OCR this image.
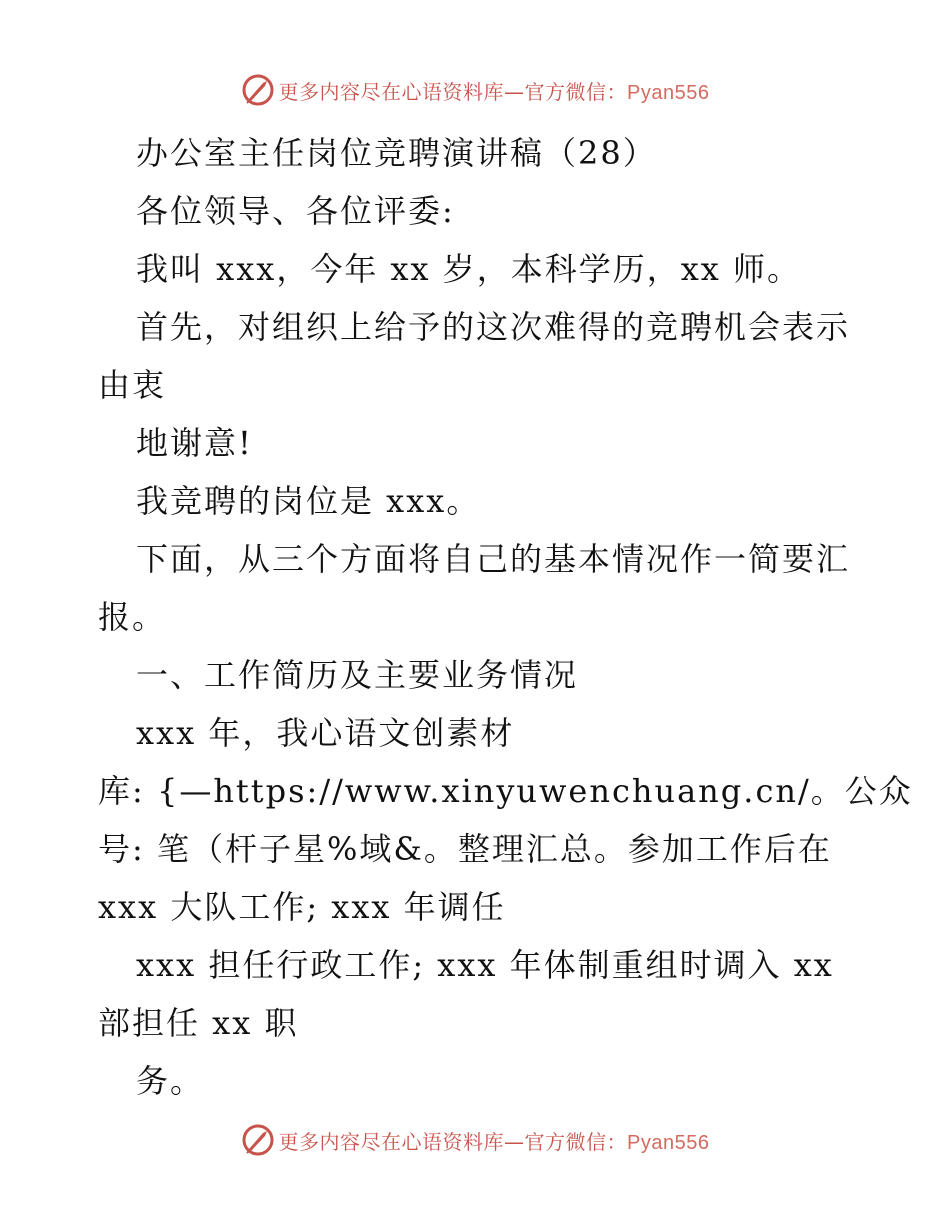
更多内容尽在心语资料库—官方微信：Pyan556
办公室主任岗位竞聘演讲稿（28）
各位领导、各位评委:
我叫 xxx，今年 xx 岁，本科学历，xx 师。
首先，对组织上给予的这次难得的竞聘机会表示
由衷
地谢意!
我竞聘的岗位是 xxx。
下面，从三个方面将自己的基本情况作一简要汇
报。
一、工作简历及主要业务情况
xxx 年，我心语文创素材
库: {—https://www.xinyuwenchuang.cn/。公众
号: 笔（杆子星%域&。整理汇总。参加工作后在
xxx 大队工作; xxx 年调任
xxx 担任行政工作; xxx 年体制重组时调入 xx
部担任 xx 职
务。
更多内容尽在心语资料库—官方微信：Pyan556
